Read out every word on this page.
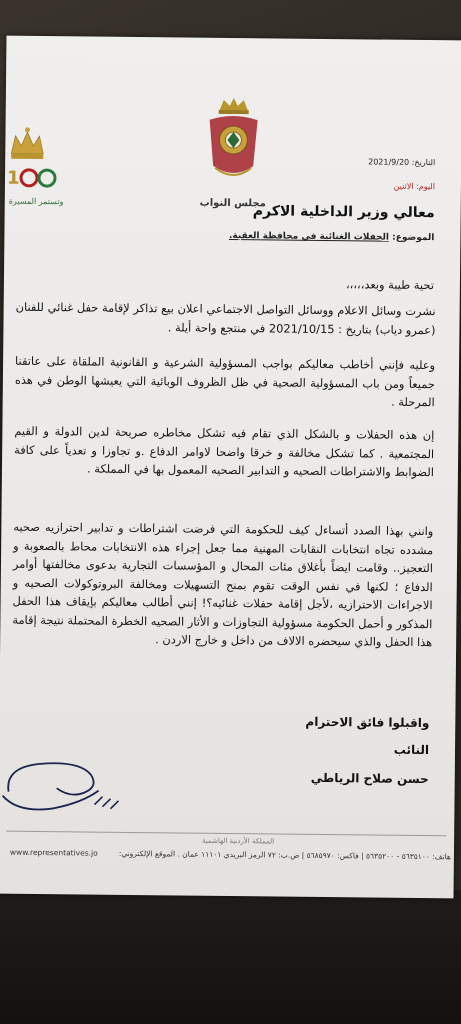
1
وتستمر المسيرة	مجلس النواب
التاريخ: 2021/9/20
اليوم: الاثنين
معالي وزير الداخلية الاكرم
الموضوع: الحفلات الغنائية في محافظة العقبة.
تحية طيبة وبعد،،،،،
نشرت وسائل الاعلام ووسائل التواصل الاجتماعي اعلان بيع تذاكر لإقامة حفل غنائي للفنان (عمرو دياب) بتاريخ : 2021/10/15 في منتجع واحة أيلة .
وعليه فإنني أخاطب معاليكم بواجب المسؤولية الشرعية و القانونية الملقاة على عاتقنا جميعاً ومن باب المسؤولية الصحية في ظل الظروف الوبائية التي يعيشها الوطن في هذه المرحلة .
إن هذه الحفلات و بالشكل الذي تقام فيه تشكل مخاطره صريحة لدين الدولة و القيم المجتمعية . كما تشكل مخالفة و خرقا واضحا لاوامر الدفاع .و تجاوزا و تعدياً على كافة الضوابط والاشتراطات الصحيه و التدابير الصحيه المعمول بها في المملكة .
وانني بهذا الصدد أتساءل كيف للحكومة التي فرضت اشتراطات و تدابير احترازيه صحيه مشدده تجاه انتخابات النقابات المهنية مما جعل إجراء هذه الانتخابات محاط بالصعوبة و التعجيز.. وقامت ايضاً بأغلاق مئات المحال و المؤسسات التجارية بدعوى مخالفتها أوامر الدفاع ؛ لكنها في نفس الوقت تقوم بمنح التسهيلات ومخالفة البروتوكولات الصحيه و الاجراءات الاحترازيه ،لأجل إقامة حفلات غنائيه؟! إنني أطالب معاليكم بإيقاف هذا الحفل المذكور و أحمل الحكومة مسؤولية التجاوزات و الأثار الصحيه الخطرة المحتملة نتيجة إقامة هذا الحفل والذي سيحضره الالاف من داخل و خارج الاردن .
واقبلوا فائق الاحترام
النائب
حسن صلاح الرياطي
المملكة الأردنية الهاشمية
هاتف: ٥٦٣٥١٠٠ - ٥٦٣٥٢٠٠ | فاكس: ٥٦٨٥٩٧٠ | ص.ب: ٧٢ الرمز البريدي ١١١٠١ عمان . الموقع الإلكتروني:
www.representatives.jo
